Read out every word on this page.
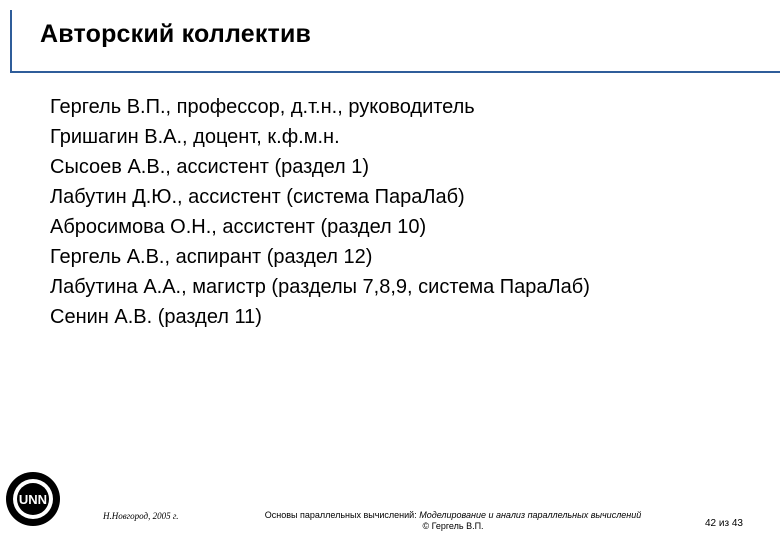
Авторский коллектив
Гергель В.П., профессор, д.т.н., руководитель
Гришагин В.А., доцент, к.ф.м.н.
Сысоев А.В., ассистент (раздел 1)
Лабутин Д.Ю., ассистент (система ПараЛаб)
Абросимова О.Н., ассистент (раздел 10)
Гергель А.В., аспирант (раздел 12)
Лабутина А.А., магистр (разделы 7,8,9, система ПараЛаб)
Сенин А.В. (раздел 11)
UNN
Н.Новгород, 2005 г.	Основы параллельных вычислений: Моделирование и анализ параллельных вычислений
© Гергель В.П.	42 из 43
